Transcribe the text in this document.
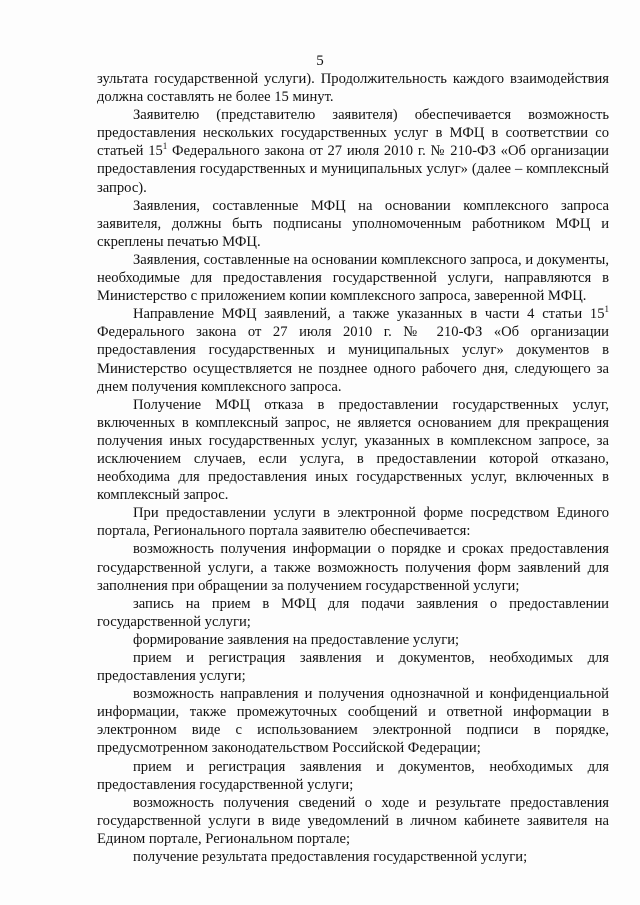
5

зультата государственной услуги). Продолжительность каждого взаимодействия должна составлять не более 15 минут.

Заявителю (представителю заявителя) обеспечивается возможность предоставления нескольких государственных услуг в МФЦ в соответствии со статьей $15^1$ Федерального закона от 27 июля 2010 г. № 210-ФЗ «Об организации предоставления государственных и муниципальных услуг» (далее – комплексный запрос).

Заявления, составленные МФЦ на основании комплексного запроса заявителя, должны быть подписаны уполномоченным работником МФЦ и скреплены печатью МФЦ.

Заявления, составленные на основании комплексного запроса, и документы, необходимые для предоставления государственной услуги, направляются в Министерство с приложением копии комплексного запроса, заверенной МФЦ.

Направление МФЦ заявлений, а также указанных в части 4 статьи $15^1$ Федерального закона от 27 июля 2010 г. № 210-ФЗ «Об организации предоставления государственных и муниципальных услуг» документов в Министерство осуществляется не позднее одного рабочего дня, следующего за днем получения комплексного запроса.

Получение МФЦ отказа в предоставлении государственных услуг, включенных в комплексный запрос, не является основанием для прекращения получения иных государственных услуг, указанных в комплексном запросе, за исключением случаев, если услуга, в предоставлении которой отказано, необходима для предоставления иных государственных услуг, включенных в комплексный запрос.

При предоставлении услуги в электронной форме посредством Единого портала, Регионального портала заявителю обеспечивается:

возможность получения информации о порядке и сроках предоставления государственной услуги, а также возможность получения форм заявлений для заполнения при обращении за получением государственной услуги;

запись на прием в МФЦ для подачи заявления о предоставлении государственной услуги;

формирование заявления на предоставление услуги;

прием и регистрация заявления и документов, необходимых для предоставления услуги;

возможность направления и получения однозначной и конфиденциальной информации, также промежуточных сообщений и ответной информации в электронном виде с использованием электронной подписи в порядке, предусмотренном законодательством Российской Федерации;

прием и регистрация заявления и документов, необходимых для предоставления государственной услуги;

возможность получения сведений о ходе и результате предоставления государственной услуги в виде уведомлений в личном кабинете заявителя на Едином портале, Региональном портале;

получение результата предоставления государственной услуги;
